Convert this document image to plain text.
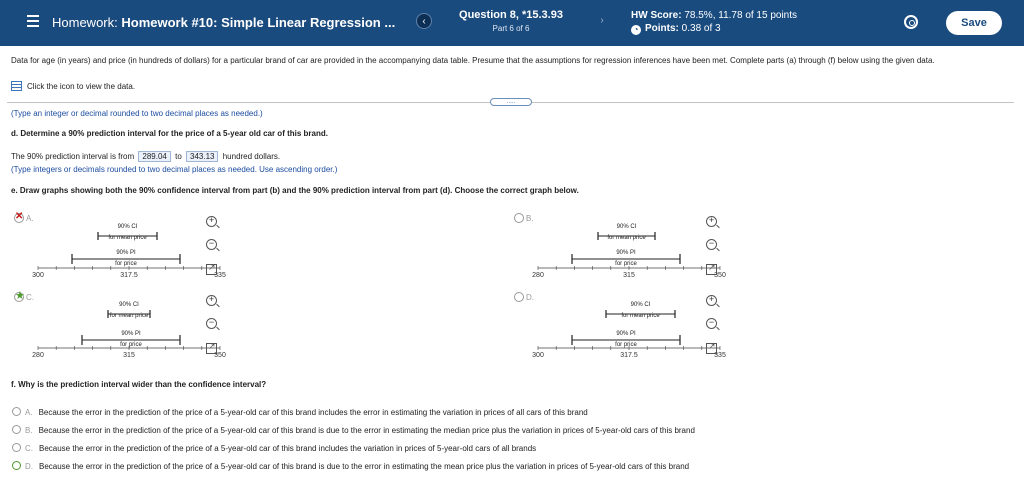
Homework: Homework #10: Simple Linear Regression ...	‹
Question 8, *15.3.93
Part 6 of 6
›	HW Score: 78.5%, 11.78 of 15 points
◔ Points: 0.38 of 3	Save
Data for age (in years) and price (in hundreds of dollars) for a particular brand of car are provided in the accompanying data table. Presume that the assumptions for regression inferences have been met. Complete parts (a) through (f) below using the given data.
Click the icon to view the data.
.....
(Type an integer or decimal rounded to two decimal places as needed.)
d. Determine a 90% prediction interval for the price of a 5-year old car of this brand.
The 90% prediction interval is from 289.04 to 343.13 hundred dollars.
(Type integers or decimals rounded to two decimal places as needed. Use ascending order.)
e. Draw graphs showing both the 90% confidence interval from part (b) and the 90% prediction interval from part (d). Choose the correct graph below.
✕ A.
90% CI
for mean price
90% PI
for price
300	317.5	335
+
−
↗
B.
90% CI
for mean price
90% PI
for price
280	315	350
+
−
↗
★ C.
90% CI
for mean price
90% PI
for price
280	315	350
+
−
↗
D.
90% CI
for mean price
90% PI
for price
300	317.5	335
+
−
↗
f. Why is the prediction interval wider than the confidence interval?
A. Because the error in the prediction of the price of a 5-year-old car of this brand includes the error in estimating the variation in prices of all cars of this brand
B. Because the error in the prediction of the price of a 5-year-old car of this brand is due to the error in estimating the median price plus the variation in prices of 5-year-old cars of this brand
C. Because the error in the prediction of the price of a 5-year-old car of this brand includes the variation in prices of 5-year-old cars of all brands
D. Because the error in the prediction of the price of a 5-year-old car of this brand is due to the error in estimating the mean price plus the variation in prices of 5-year-old cars of this brand
